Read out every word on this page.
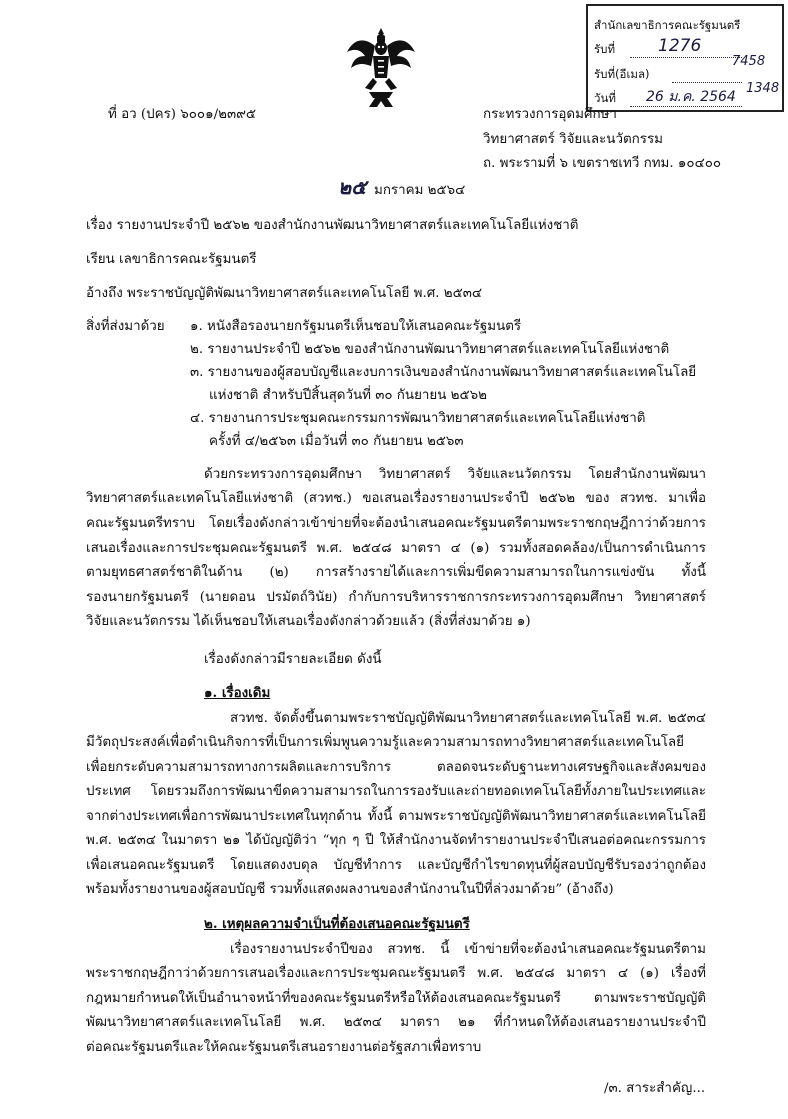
สำนักเลขาธิการคณะรัฐมนตรี
รับที่	1276
รับที่(อีเมล)
วันที่ 26 ม.ค. 2564
1348
7458
ที่ อว (ปคร) ๖๐๐๑/๒๓๙๕	กระทรวงการอุดมศึกษา
วิทยาศาสตร์ วิจัยและนวัตกรรม
ถ. พระรามที่ ๖ เขตราชเทวี กทม. ๑๐๔๐๐
๒๕ มกราคม ๒๕๖๔
เรื่อง รายงานประจำปี ๒๕๖๒ ของสำนักงานพัฒนาวิทยาศาสตร์และเทคโนโลยีแห่งชาติ
เรียน เลขาธิการคณะรัฐมนตรี
อ้างถึง พระราชบัญญัติพัฒนาวิทยาศาสตร์และเทคโนโลยี พ.ศ. ๒๕๓๔
สิ่งที่ส่งมาด้วย ๑. หนังสือรองนายกรัฐมนตรีเห็นชอบให้เสนอคณะรัฐมนตรี
๒. รายงานประจำปี ๒๕๖๒ ของสำนักงานพัฒนาวิทยาศาสตร์และเทคโนโลยีแห่งชาติ
๓. รายงานของผู้สอบบัญชีและงบการเงินของสำนักงานพัฒนาวิทยาศาสตร์และเทคโนโลยี
แห่งชาติ สำหรับปีสิ้นสุดวันที่ ๓๐ กันยายน ๒๕๖๒
๔. รายงานการประชุมคณะกรรมการพัฒนาวิทยาศาสตร์และเทคโนโลยีแห่งชาติ
ครั้งที่ ๔/๒๕๖๓ เมื่อวันที่ ๓๐ กันยายน ๒๕๖๓
ด้วยกระทรวงการอุดมศึกษา วิทยาศาสตร์ วิจัยและนวัตกรรม โดยสำนักงานพัฒนา
วิทยาศาสตร์และเทคโนโลยีแห่งชาติ (สวทช.) ขอเสนอเรื่องรายงานประจำปี ๒๕๖๒ ของ สวทช. มาเพื่อ
คณะรัฐมนตรีทราบ โดยเรื่องดังกล่าวเข้าข่ายที่จะต้องนำเสนอคณะรัฐมนตรีตามพระราชกฤษฎีกาว่าด้วยการ
เสนอเรื่องและการประชุมคณะรัฐมนตรี พ.ศ. ๒๕๔๘ มาตรา ๔ (๑) รวมทั้งสอดคล้อง/เป็นการดำเนินการ
ตามยุทธศาสตร์ชาติในด้าน (๒) การสร้างรายได้และการเพิ่มขีดความสามารถในการแข่งขัน ทั้งนี้
รองนายกรัฐมนตรี (นายดอน ปรมัตถ์วินัย) กำกับการบริหารราชการกระทรวงการอุดมศึกษา วิทยาศาสตร์
วิจัยและนวัตกรรม ได้เห็นชอบให้เสนอเรื่องดังกล่าวด้วยแล้ว (สิ่งที่ส่งมาด้วย ๑)
เรื่องดังกล่าวมีรายละเอียด ดังนี้
๑. เรื่องเดิม
สวทช. จัดตั้งขึ้นตามพระราชบัญญัติพัฒนาวิทยาศาสตร์และเทคโนโลยี พ.ศ. ๒๕๓๔
มีวัตถุประสงค์เพื่อดำเนินกิจการที่เป็นการเพิ่มพูนความรู้และความสามารถทางวิทยาศาสตร์และเทคโนโลยี
เพื่อยกระดับความสามารถทางการผลิตและการบริการ ตลอดจนระดับฐานะทางเศรษฐกิจและสังคมของ
ประเทศ โดยรวมถึงการพัฒนาขีดความสามารถในการรองรับและถ่ายทอดเทคโนโลยีทั้งภายในประเทศและ
จากต่างประเทศเพื่อการพัฒนาประเทศในทุกด้าน ทั้งนี้ ตามพระราชบัญญัติพัฒนาวิทยาศาสตร์และเทคโนโลยี
พ.ศ. ๒๕๓๔ ในมาตรา ๒๑ ได้บัญญัติว่า “ทุก ๆ ปี ให้สำนักงานจัดทำรายงานประจำปีเสนอต่อคณะกรรมการ
เพื่อเสนอคณะรัฐมนตรี โดยแสดงงบดุล บัญชีทำการ และบัญชีกำไรขาดทุนที่ผู้สอบบัญชีรับรองว่าถูกต้อง
พร้อมทั้งรายงานของผู้สอบบัญชี รวมทั้งแสดงผลงานของสำนักงานในปีที่ล่วงมาด้วย” (อ้างถึง)
๒. เหตุผลความจำเป็นที่ต้องเสนอคณะรัฐมนตรี
เรื่องรายงานประจำปีของ สวทช. นี้ เข้าข่ายที่จะต้องนำเสนอคณะรัฐมนตรีตาม
พระราชกฤษฎีกาว่าด้วยการเสนอเรื่องและการประชุมคณะรัฐมนตรี พ.ศ. ๒๕๔๘ มาตรา ๔ (๑) เรื่องที่
กฎหมายกำหนดให้เป็นอำนาจหน้าที่ของคณะรัฐมนตรีหรือให้ต้องเสนอคณะรัฐมนตรี ตามพระราชบัญญัติ
พัฒนาวิทยาศาสตร์และเทคโนโลยี พ.ศ. ๒๕๓๔ มาตรา ๒๑ ที่กำหนดให้ต้องเสนอรายงานประจำปี
ต่อคณะรัฐมนตรีและให้คณะรัฐมนตรีเสนอรายงานต่อรัฐสภาเพื่อทราบ
/๓. สาระสำคัญ...
